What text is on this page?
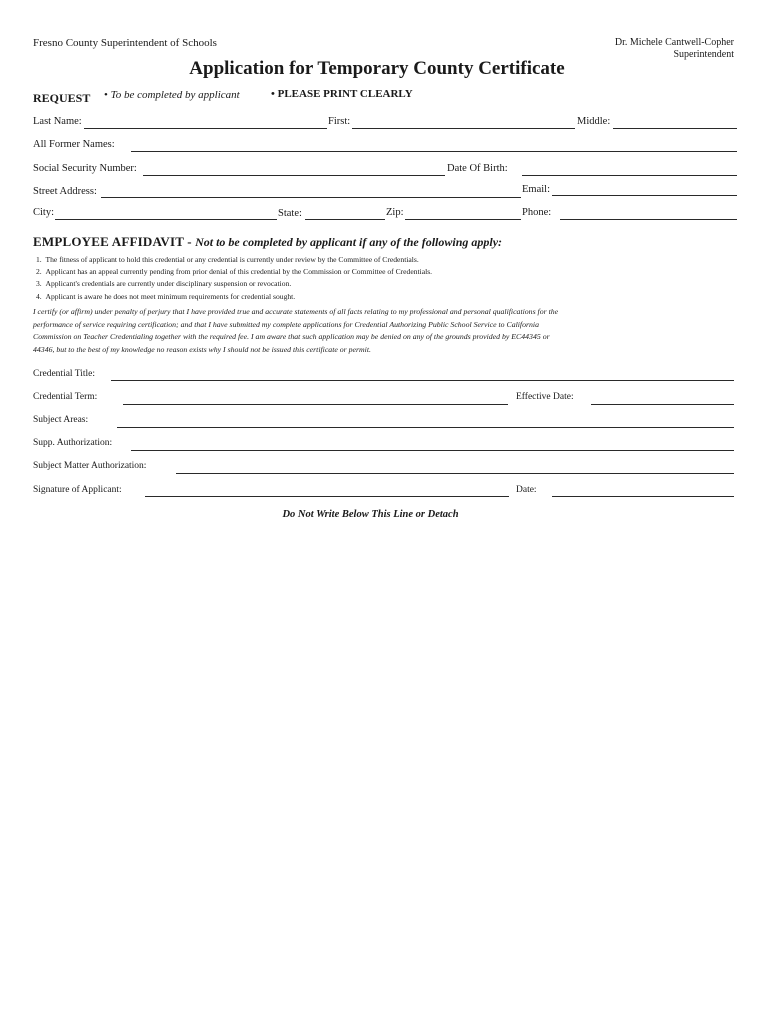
Fresno County Superintendent of Schools	Dr. Michele Cantwell-Copher
Superintendent
Application for Temporary County Certificate
REQUEST • To be completed by applicant	• PLEASE PRINT CLEARLY
Last Name:	First:	Middle:
All Former Names:
Social Security Number:	Date Of Birth:
Street Address:	Email:
City:	State:	Zip:	Phone:
EMPLOYEE AFFIDAVIT - Not to be completed by applicant if any of the following apply:
1.  The fitness of applicant to hold this credential or any credential is currently under review by the Committee of Credentials.
2.  Applicant has an appeal currently pending from prior denial of this credential by the Commission or Committee of Credentials.
3.  Applicant's credentials are currently under disciplinary suspension or revocation.
4.  Applicant is aware he does not meet minimum requirements for credential sought.
I certify (or affirm) under penalty of perjury that I have provided true and accurate statements of all facts relating to my professional and personal qualifications for the
performance of service requiring certification; and that I have submitted my complete applications for Credential Authorizing Public School Service to California
Commission on Teacher Credentialing together with the required fee. I am aware that such application may be denied on any of the grounds provided by EC44345 or
44346, but to the best of my knowledge no reason exists why I should not be issued this certificate or permit.
Credential Title:
Credential Term:	Effective Date:
Subject Areas:
Supp. Authorization:
Subject Matter Authorization:
Signature of Applicant:	Date:
Do Not Write Below This Line or Detach
